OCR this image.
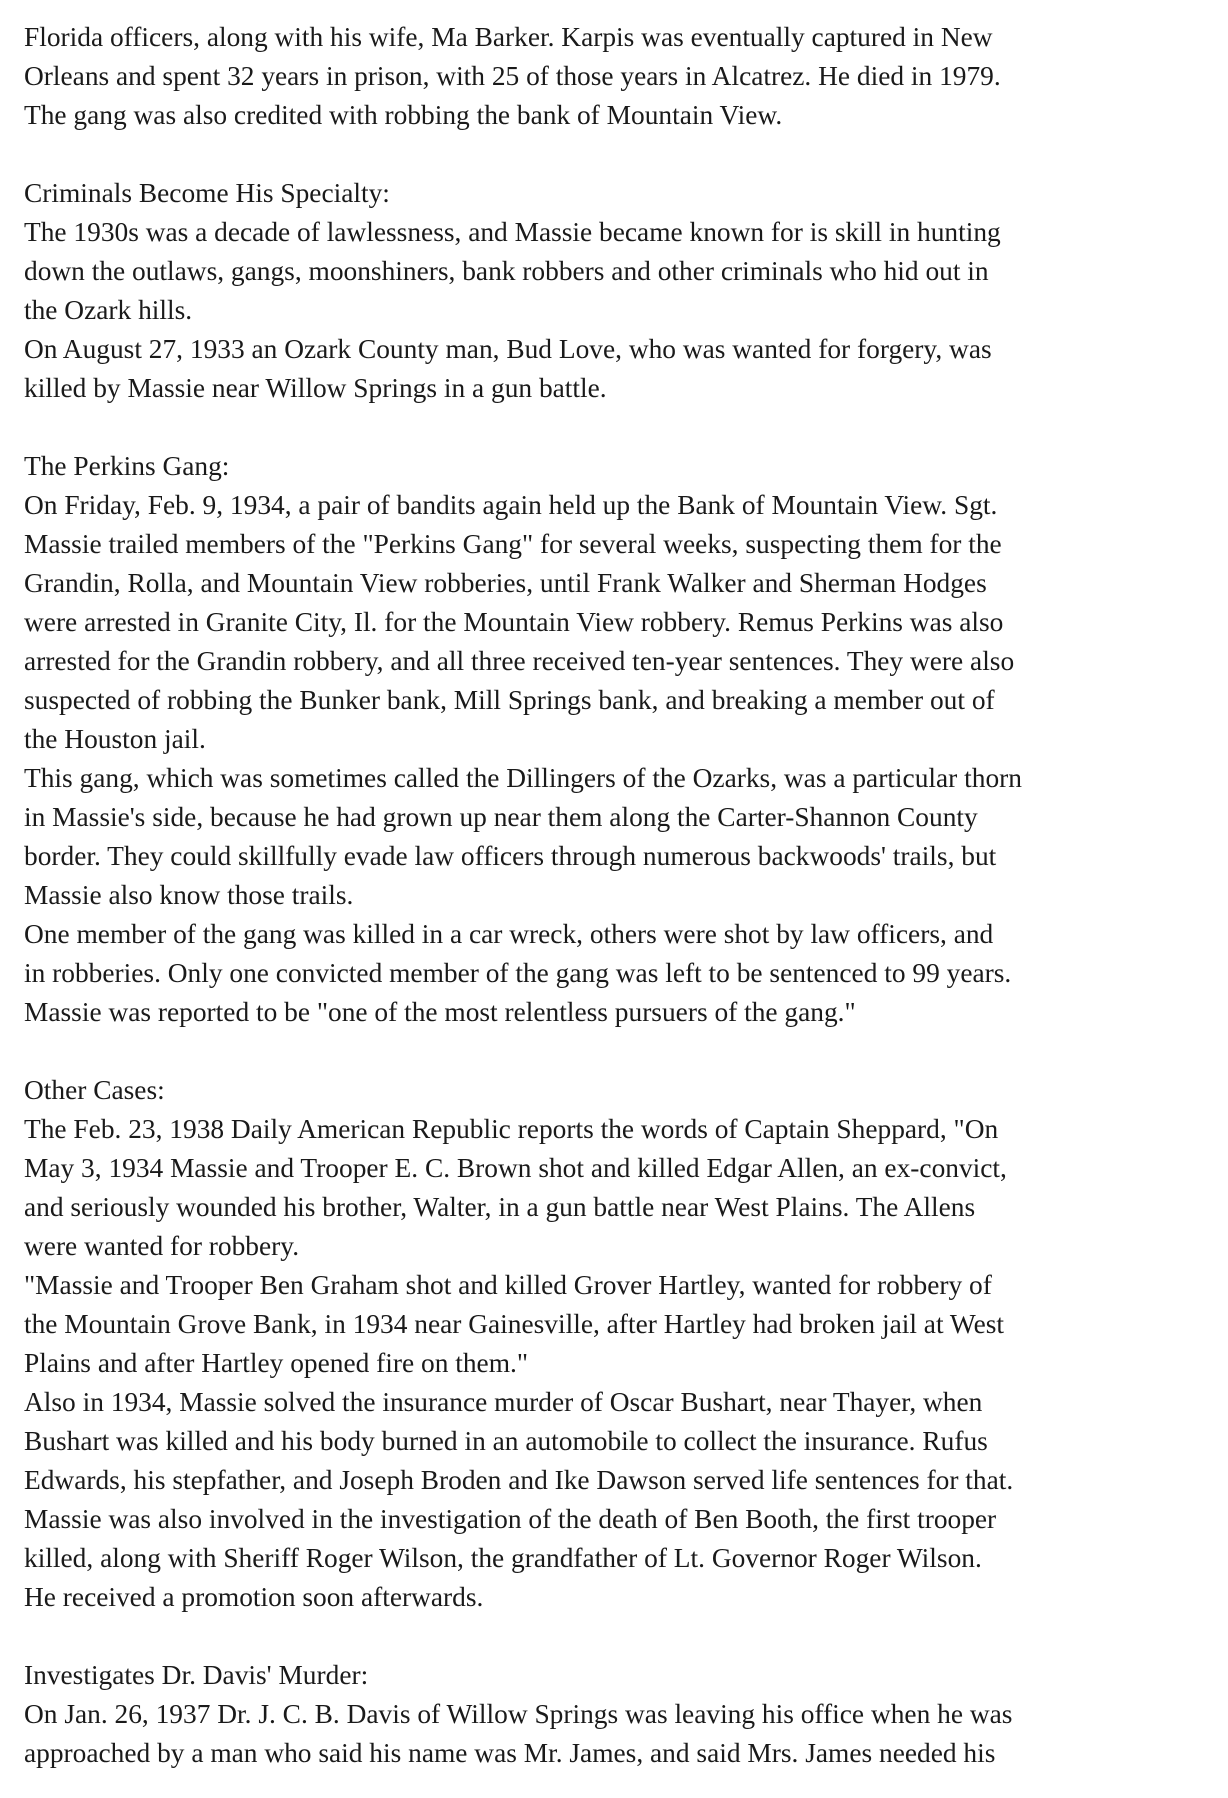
Florida officers, along with his wife, Ma Barker. Karpis was eventually captured in New
Orleans and spent 32 years in prison, with 25 of those years in Alcatrez. He died in 1979.
The gang was also credited with robbing the bank of Mountain View.
Criminals Become His Specialty:
The 1930s was a decade of lawlessness, and Massie became known for is skill in hunting
down the outlaws, gangs, moonshiners, bank robbers and other criminals who hid out in
the Ozark hills.
On August 27, 1933 an Ozark County man, Bud Love, who was wanted for forgery, was
killed by Massie near Willow Springs in a gun battle.
The Perkins Gang:
On Friday, Feb. 9, 1934, a pair of bandits again held up the Bank of Mountain View. Sgt.
Massie trailed members of the "Perkins Gang" for several weeks, suspecting them for the
Grandin, Rolla, and Mountain View robberies, until Frank Walker and Sherman Hodges
were arrested in Granite City, Il. for the Mountain View robbery. Remus Perkins was also
arrested for the Grandin robbery, and all three received ten-year sentences. They were also
suspected of robbing the Bunker bank, Mill Springs bank, and breaking a member out of
the Houston jail.
This gang, which was sometimes called the Dillingers of the Ozarks, was a particular thorn
in Massie's side, because he had grown up near them along the Carter-Shannon County
border. They could skillfully evade law officers through numerous backwoods' trails, but
Massie also know those trails.
One member of the gang was killed in a car wreck, others were shot by law officers, and
in robberies. Only one convicted member of the gang was left to be sentenced to 99 years.
Massie was reported to be "one of the most relentless pursuers of the gang."
Other Cases:
The Feb. 23, 1938 Daily American Republic reports the words of Captain Sheppard, "On
May 3, 1934 Massie and Trooper E. C. Brown shot and killed Edgar Allen, an ex-convict,
and seriously wounded his brother, Walter, in a gun battle near West Plains. The Allens
were wanted for robbery.
"Massie and Trooper Ben Graham shot and killed Grover Hartley, wanted for robbery of
the Mountain Grove Bank, in 1934 near Gainesville, after Hartley had broken jail at West
Plains and after Hartley opened fire on them."
Also in 1934, Massie solved the insurance murder of Oscar Bushart, near Thayer, when
Bushart was killed and his body burned in an automobile to collect the insurance. Rufus
Edwards, his stepfather, and Joseph Broden and Ike Dawson served life sentences for that.
Massie was also involved in the investigation of the death of Ben Booth, the first trooper
killed, along with Sheriff Roger Wilson, the grandfather of Lt. Governor Roger Wilson.
He received a promotion soon afterwards.
Investigates Dr. Davis' Murder:
On Jan. 26, 1937 Dr. J. C. B. Davis of Willow Springs was leaving his office when he was
approached by a man who said his name was Mr. James, and said Mrs. James needed his
